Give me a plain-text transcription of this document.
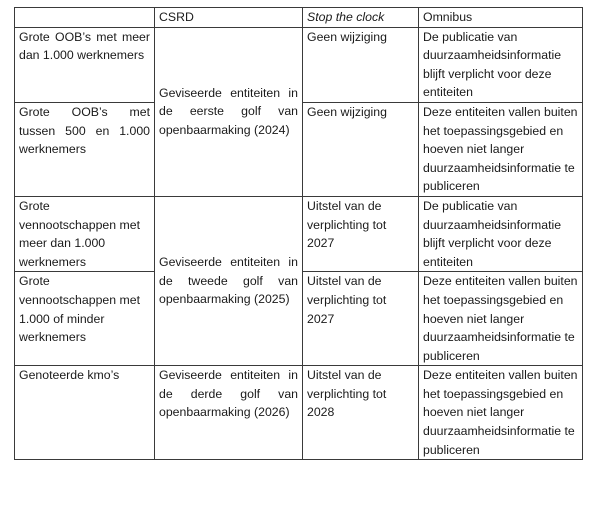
	CSRD	Stop the clock	Omnibus
Grote OOB’s met meer dan 1.000 werknemers	Geviseerde entiteiten in de eerste golf van openbaarmaking (2024)	Geen wijziging	De publicatie van duurzaamheidsinformatie blijft verplicht voor deze entiteiten
Grote OOB’s met tussen 500 en 1.000 werknemers		Geen wijziging	Deze entiteiten vallen buiten het toepassingsgebied en hoeven niet langer duurzaamheidsinformatie te publiceren
Grote vennootschappen met meer dan 1.000 werknemers	Geviseerde entiteiten in de tweede golf van openbaarmaking (2025)	Uitstel van de verplichting tot 2027	De publicatie van duurzaamheidsinformatie blijft verplicht voor deze entiteiten
Grote vennootschappen met 1.000 of minder werknemers		Uitstel van de verplichting tot 2027	Deze entiteiten vallen buiten het toepassingsgebied en hoeven niet langer duurzaamheidsinformatie te publiceren
Genoteerde kmo’s	Geviseerde entiteiten in de derde golf van openbaarmaking (2026)	Uitstel van de verplichting tot 2028	Deze entiteiten vallen buiten het toepassingsgebied en hoeven niet langer duurzaamheidsinformatie te publiceren
